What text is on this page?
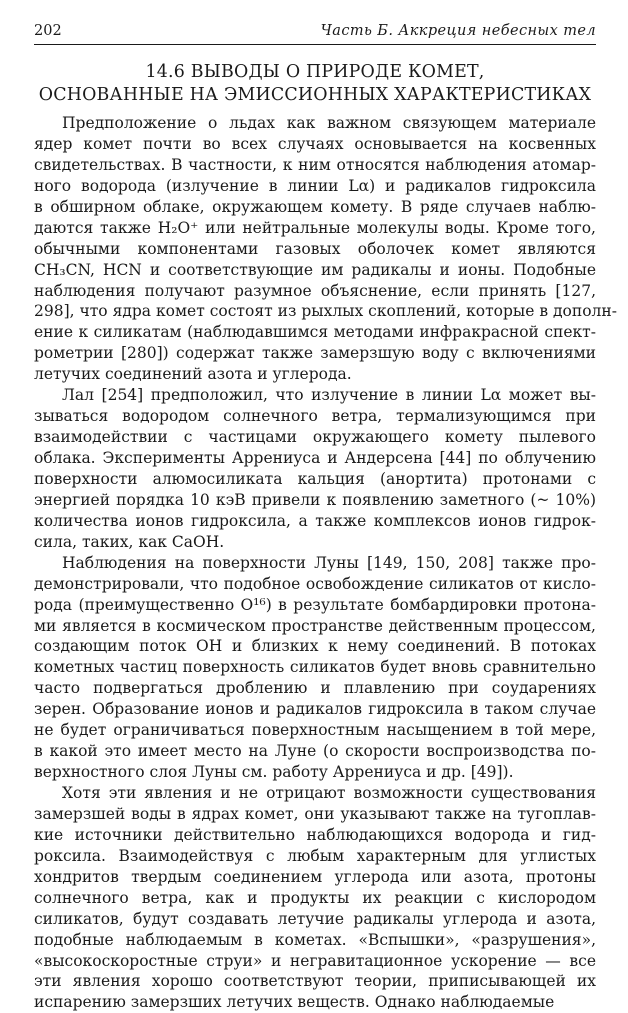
202	Часть Б. Аккреция небесных тел
14.6 ВЫВОДЫ О ПРИРОДЕ КОМЕТ,
ОСНОВАННЫЕ НА ЭМИССИОННЫХ ХАРАКТЕРИСТИКАХ
Предположение о льдах как важном связующем материале
ядер комет почти во всех случаях основывается на косвенных
свидетельствах. В частности, к ним относятся наблюдения атомар-
ного водорода (излучение в линии Lα) и радикалов гидроксила
в обширном облаке, окружающем комету. В ряде случаев наблю-
даются также H₂O⁺ или нейтральные молекулы воды. Кроме того,
обычными компонентами газовых оболочек комет являются
CH₃CN, HCN и соответствующие им радикалы и ионы. Подобные
наблюдения получают разумное объяснение, если принять [127,
298], что ядра комет состоят из рыхлых скоплений, которые в дополн-
ение к силикатам (наблюдавшимся методами инфракрасной спект-
рометрии [280]) содержат также замерзшую воду с включениями
летучих соединений азота и углерода.
Лал [254] предположил, что излучение в линии Lα может вы-
зываться водородом солнечного ветра, термализующимся при
взаимодействии с частицами окружающего комету пылевого
облака. Эксперименты Аррениуса и Андерсена [44] по облучению
поверхности алюмосиликата кальция (анортита) протонами с
энергией порядка 10 кэВ привели к появлению заметного (~ 10%)
количества ионов гидроксила, а также комплексов ионов гидрок-
сила, таких, как CaOH.
Наблюдения на поверхности Луны [149, 150, 208] также про-
демонстрировали, что подобное освобождение силикатов от кисло-
рода (преимущественно O¹⁶) в результате бомбардировки протона-
ми является в космическом пространстве действенным процессом,
создающим поток OH и близких к нему соединений. В потоках
кометных частиц поверхность силикатов будет вновь сравнительно
часто подвергаться дроблению и плавлению при соударениях
зерен. Образование ионов и радикалов гидроксила в таком случае
не будет ограничиваться поверхностным насыщением в той мере,
в какой это имеет место на Луне (о скорости воспроизводства по-
верхностного слоя Луны см. работу Аррениуса и др. [49]).
Хотя эти явления и не отрицают возможности существования
замерзшей воды в ядрах комет, они указывают также на тугоплав-
кие источники действительно наблюдающихся водорода и гид-
роксила. Взаимодействуя с любым характерным для углистых
хондритов твердым соединением углерода или азота, протоны
солнечного ветра, как и продукты их реакции с кислородом
силикатов, будут создавать летучие радикалы углерода и азота,
подобные наблюдаемым в кометах. «Вспышки», «разрушения»,
«высокоскоростные струи» и негравитационное ускорение — все
эти явления хорошо соответствуют теории, приписывающей их
испарению замерзших летучих веществ. Однако наблюдаемые
